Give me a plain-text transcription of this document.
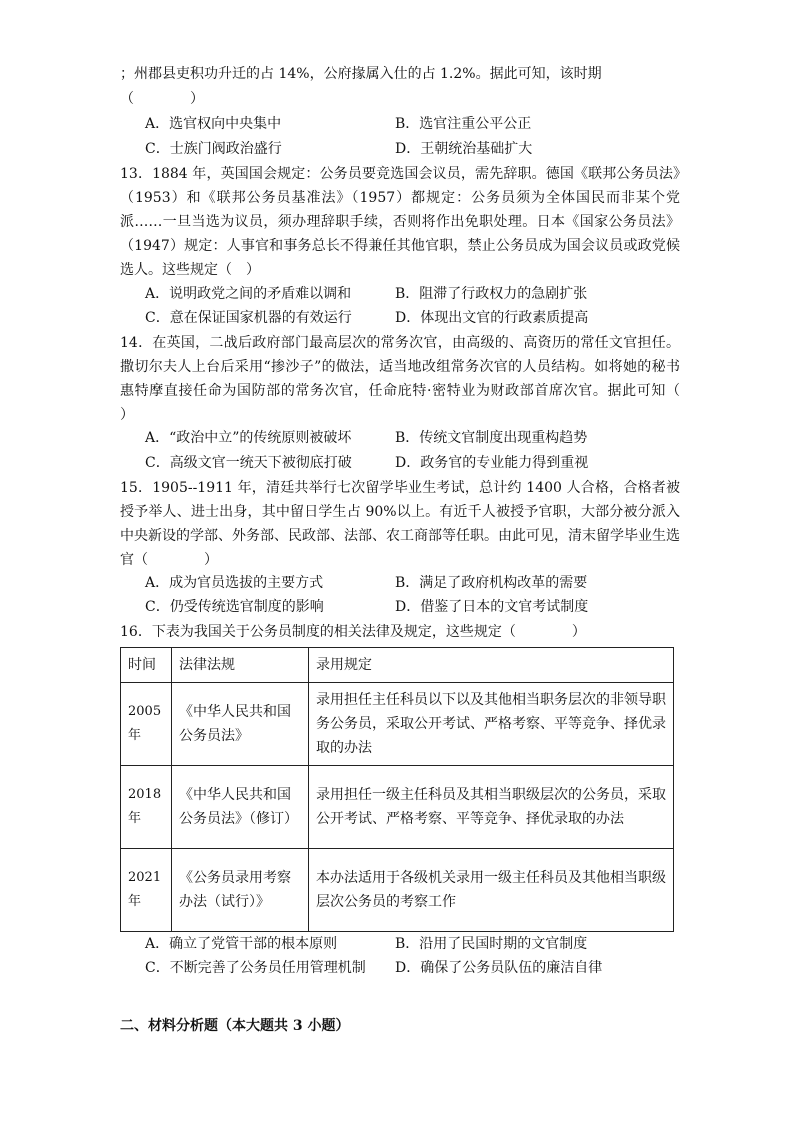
；州郡县吏积功升迁的占 14%，公府掾属入仕的占 1.2%。据此可知，该时期
（　　　　）
A．选官权向中央集中	B．选官注重公平公正
C．士族门阀政治盛行	D．王朝统治基础扩大
13．1884 年，英国国会规定：公务员要竞选国会议员，需先辞职。德国《联邦公务员法》（1953）和《联邦公务员基准法》（1957）都规定：公务员须为全体国民而非某个党派……一旦当选为议员，须办理辞职手续，否则将作出免职处理。日本《国家公务员法》（1947）规定：人事官和事务总长不得兼任其他官职，禁止公务员成为国会议员或政党候选人。这些规定（　）
A．说明政党之间的矛盾难以调和	B．阻滞了行政权力的急剧扩张
C．意在保证国家机器的有效运行	D．体现出文官的行政素质提高
14．在英国，二战后政府部门最高层次的常务次官，由高级的、高资历的常任文官担任。撒切尔夫人上台后采用“掺沙子”的做法，适当地改组常务次官的人员结构。如将她的秘书惠特摩直接任命为国防部的常务次官，任命庇特·密特业为财政部首席次官。据此可知（　　　　）
A．“政治中立”的传统原则被破坏	B．传统文官制度出现重构趋势
C．高级文官一统天下被彻底打破	D．政务官的专业能力得到重视
15．1905--1911 年，清廷共举行七次留学毕业生考试，总计约 1400 人合格，合格者被授予举人、进士出身，其中留日学生占 90%以上。有近千人被授予官职，大部分被分派入中央新设的学部、外务部、民政部、法部、农工商部等任职。由此可见，清末留学毕业生选官（　　　　）
A．成为官员选拔的主要方式	B．满足了政府机构改革的需要
C．仍受传统选官制度的影响	D．借鉴了日本的文官考试制度
16．下表为我国关于公务员制度的相关法律及规定，这些规定（　　　　）
时间	法律法规	录用规定
2005 年	《中华人民共和国公务员法》	录用担任主任科员以下以及其他相当职务层次的非领导职务公务员，采取公开考试、严格考察、平等竞争、择优录取的办法
2018 年	《中华人民共和国公务员法》（修订）	录用担任一级主任科员及其相当职级层次的公务员，采取公开考试、严格考察、平等竞争、择优录取的办法
2021 年	《公务员录用考察办法（试行）》	本办法适用于各级机关录用一级主任科员及其他相当职级层次公务员的考察工作
A．确立了党管干部的根本原则	B．沿用了民国时期的文官制度
C．不断完善了公务员任用管理机制 D．确保了公务员队伍的廉洁自律
二、材料分析题（本大题共 3 小题）
